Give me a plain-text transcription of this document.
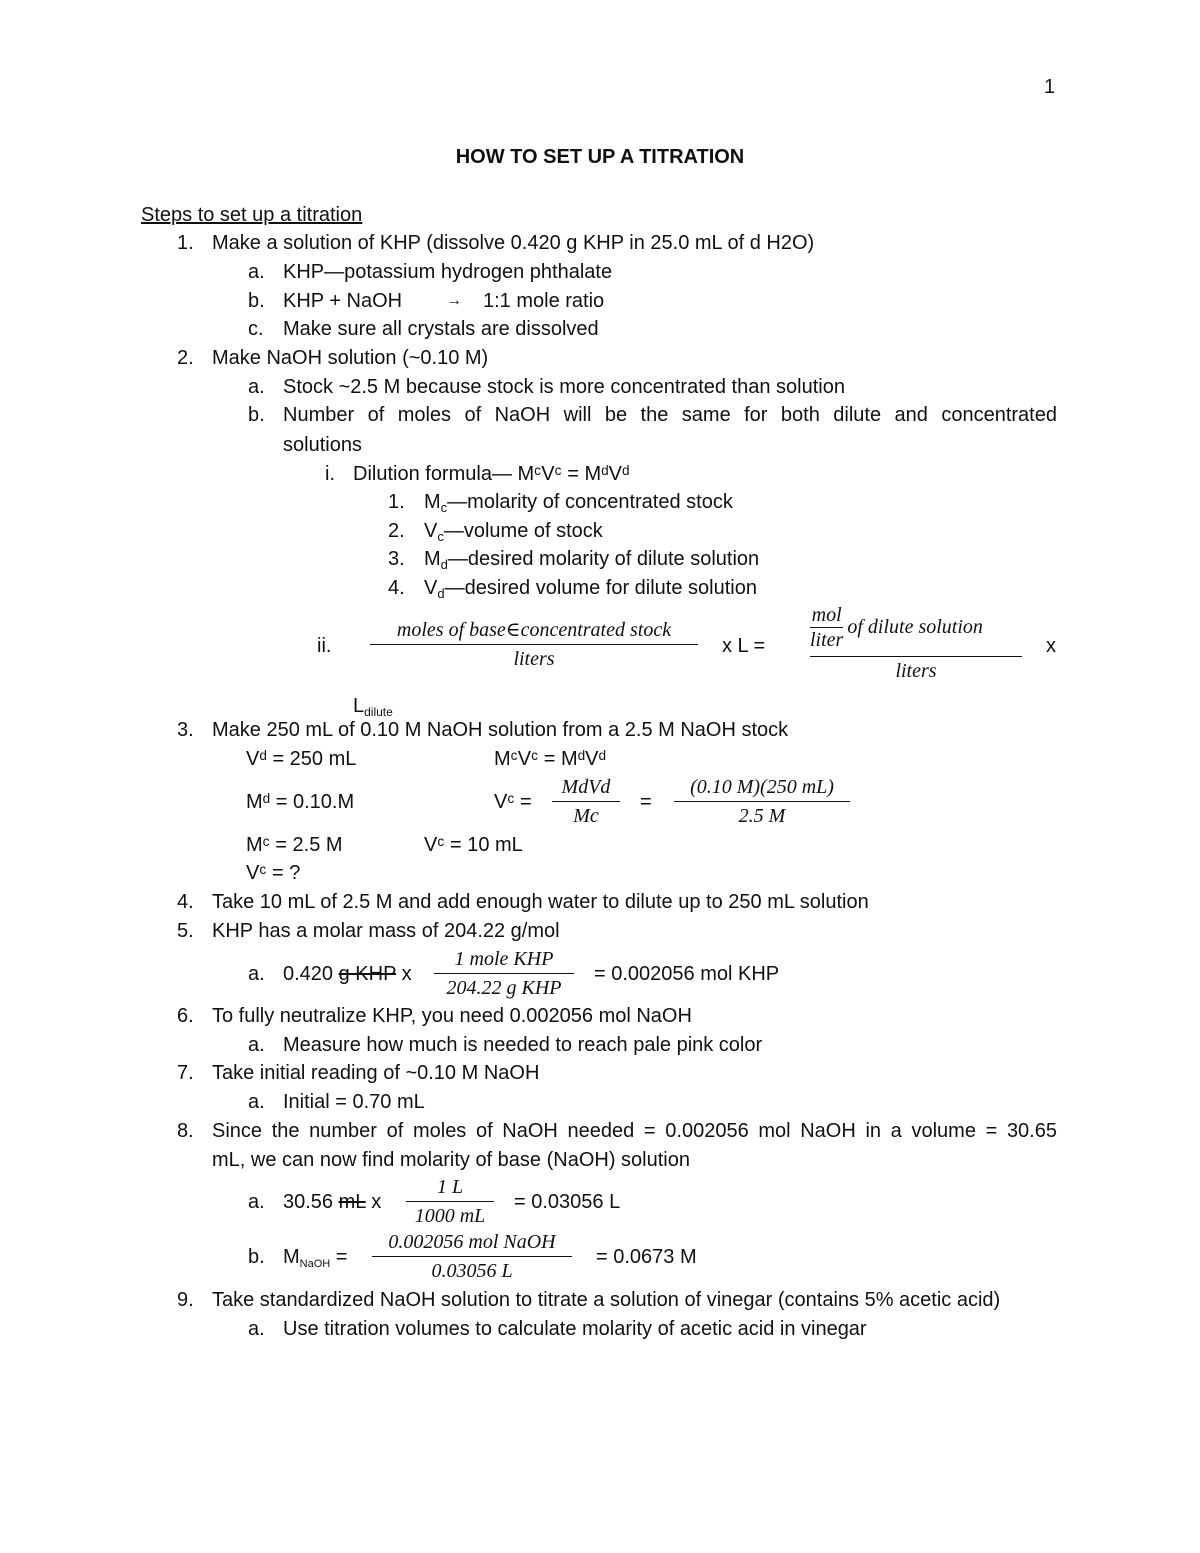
1
HOW TO SET UP A TITRATION
Steps to set up a titration
1. Make a solution of KHP (dissolve 0.420 g KHP in 25.0 mL of d H2O)
a. KHP—potassium hydrogen phthalate
b. KHP + NaOH	→ 1:1 mole ratio
c. Make sure all crystals are dissolved
2. Make NaOH solution (~0.10 M)
a. Stock ~2.5 M because stock is more concentrated than solution
b. Number of moles of NaOH will be the same for both dilute and concentrated
solutions
i. Dilution formula— MᶜVᶜ = MᵈVᵈ
1. $M_c—molarity$ of concentrated stock
2. $V_c—volume$ of stock
3. $M_d—desired$ molarity of dilute solution
4. $V_d—desired$ volume for dilute solution
ii.
moles of base∈concentrated stock
liters
x $L = \frac{\text{mol}}{\text{liter}}$ of dilute solution
liters
x
$L_{dilute}$
3. Make 250 mL of 0.10 M NaOH solution from a 2.5 M NaOH stock
Vᵈ = 250 mL	MᶜVᶜ = MᵈVᵈ
Mᵈ = 0.10.M	Vᶜ =
MdVd
Mc
=
(0.10 M)(250 mL)
2.5 M
Mᶜ = 2.5 M	Vᶜ = 10 mL
Vᶜ = ?
4. Take 10 mL of 2.5 M and add enough water to dilute up to 250 mL solution
5. KHP has a molar mass of 204.22 g/mol
a. 0.420 g KHP x
1 mole KHP
204.22 g KHP
= 0.002056 mol KHP
6. To fully neutralize KHP, you need 0.002056 mol NaOH
a. Measure how much is needed to reach pale pink color
7. Take initial reading of ~0.10 M NaOH
a. Initial = 0.70 mL
8. Since the number of moles of NaOH needed = 0.002056 mol NaOH in a volume = 30.65
mL, we can now find molarity of base (NaOH) solution
a. 30.56 mL x
1 L
1000 mL
= 0.03056 L
b. $M_{NaOH}$ =
0.002056 mol NaOH
0.03056 L
= 0.0673 M
9. Take standardized NaOH solution to titrate a solution of vinegar (contains 5% acetic acid)
a. Use titration volumes to calculate molarity of acetic acid in vinegar
